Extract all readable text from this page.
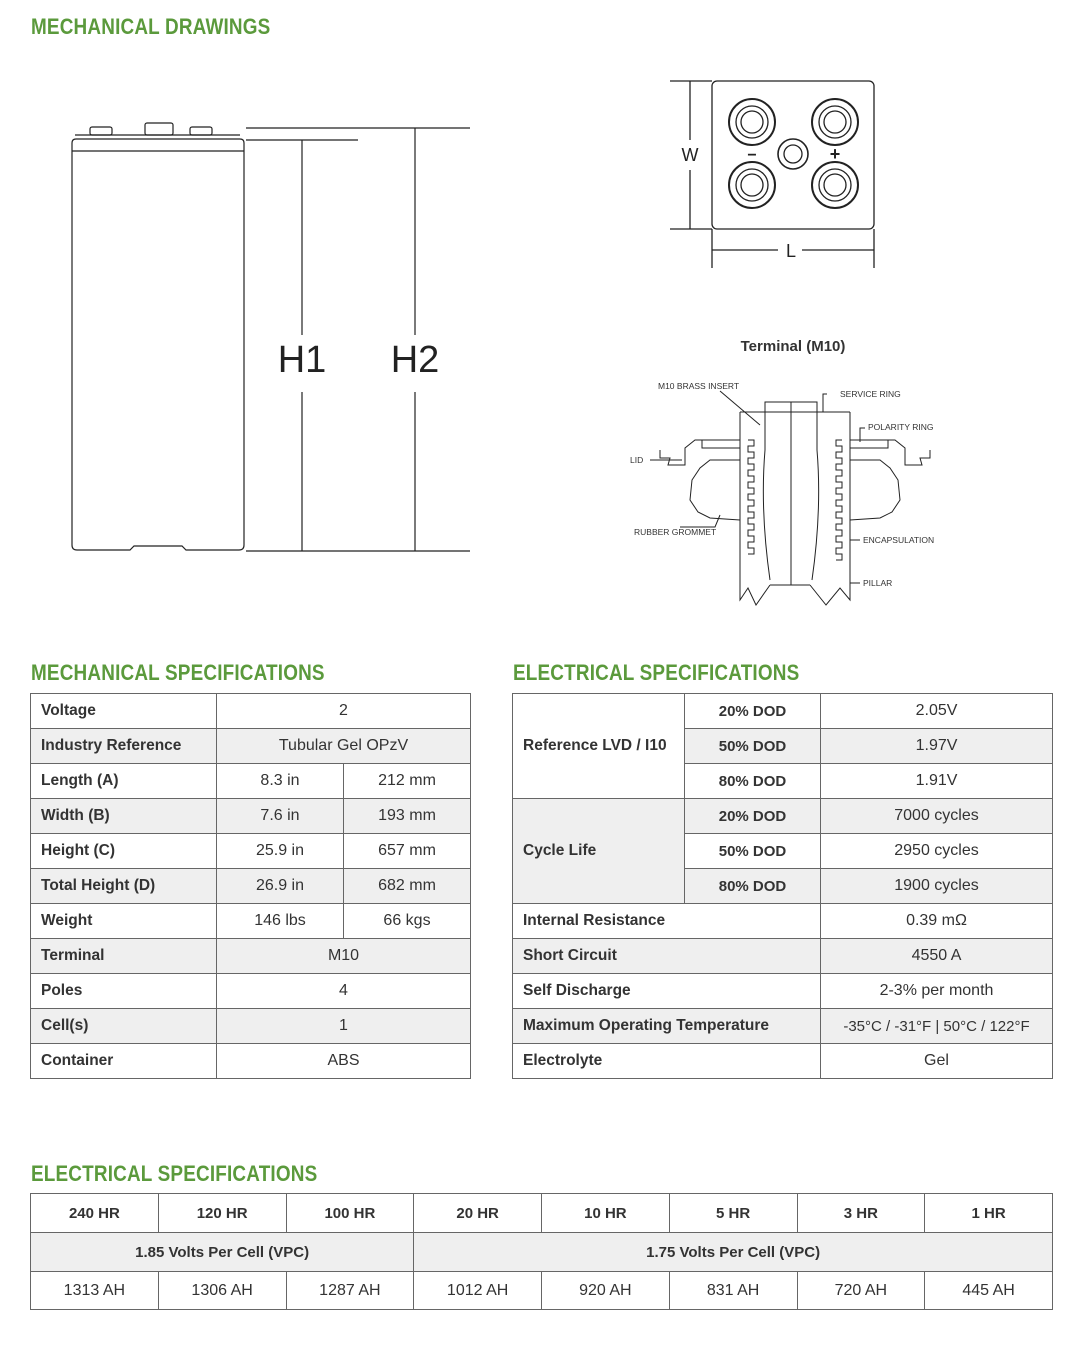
MECHANICAL DRAWINGS
MECHANICAL SPECIFICATIONS	ELECTRICAL SPECIFICATIONS
ELECTRICAL SPECIFICATIONS
H1 H2
W
L
−	+
Terminal (M10)
M10 BRASS INSERT
SERVICE RING
POLARITY RING
LID
RUBBER GROMMET
ENCAPSULATION
PILLAR
Voltage	2	
Industry Reference	Tubular Gel OPzV	
Length (A)	8.3 in	212 mm
Width (B)	7.6 in	193 mm
Height (C)	25.9 in	657 mm
Total Height (D)	26.9 in	682 mm
Weight	146 lbs	66 kgs
Terminal	M10	
Poles	4	
Cell(s)	1	
Container	ABS	
Reference LVD / I10	20% DOD	2.05V
	50% DOD	1.97V
	80% DOD	1.91V
Cycle Life	20% DOD	7000 cycles
	50% DOD	2950 cycles
	80% DOD	1900 cycles
Internal Resistance		0.39 mΩ
Short Circuit		4550 A
Self Discharge		2-3% per month
Maximum Operating Temperature		-35°C / -31°F | 50°C / 122°F
Electrolyte		Gel
240 HR	120 HR	100 HR	20 HR	10 HR	5 HR	3 HR	1 HR
1.85 Volts Per Cell (VPC)			1.75 Volts Per Cell (VPC)				
1313 AH	1306 AH	1287 AH	1012 AH	920 AH	831 AH	720 AH	445 AH
